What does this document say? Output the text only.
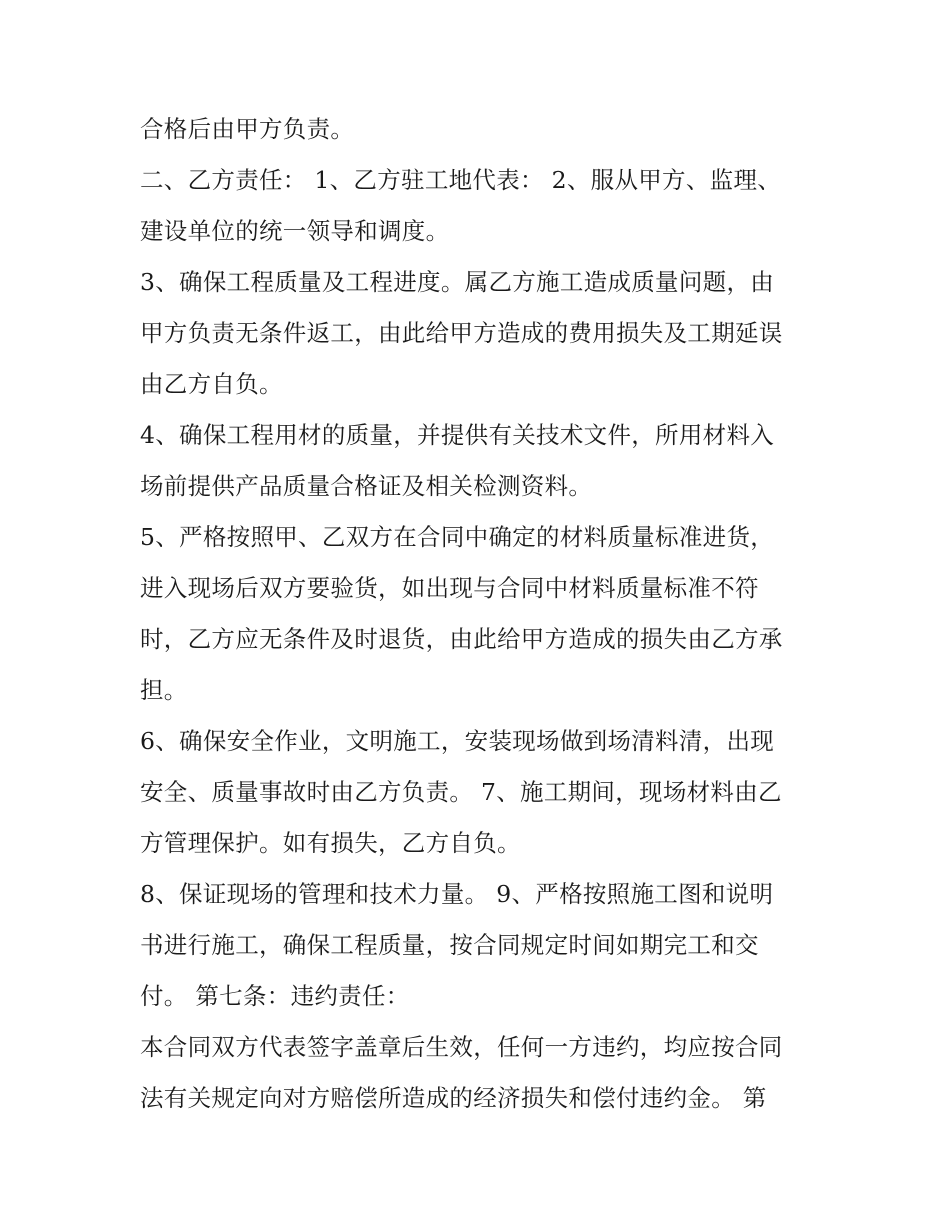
合格后由甲方负责。
二、乙方责任： 1、乙方驻工地代表： 2、服从甲方、监理、
建设单位的统一领导和调度。
3、确保工程质量及工程进度。属乙方施工造成质量问题，由
甲方负责无条件返工，由此给甲方造成的费用损失及工期延误
由乙方自负。
4、确保工程用材的质量，并提供有关技术文件，所用材料入
场前提供产品质量合格证及相关检测资料。
5、严格按照甲、乙双方在合同中确定的材料质量标准进货，
进入现场后双方要验货，如出现与合同中材料质量标准不符
时，乙方应无条件及时退货，由此给甲方造成的损失由乙方承
担。
6、确保安全作业，文明施工，安装现场做到场清料清，出现
安全、质量事故时由乙方负责。 7、施工期间，现场材料由乙
方管理保护。如有损失，乙方自负。
8、保证现场的管理和技术力量。 9、严格按照施工图和说明
书进行施工，确保工程质量，按合同规定时间如期完工和交
付。 第七条：违约责任：
本合同双方代表签字盖章后生效，任何一方违约，均应按合同
法有关规定向对方赔偿所造成的经济损失和偿付违约金。 第
